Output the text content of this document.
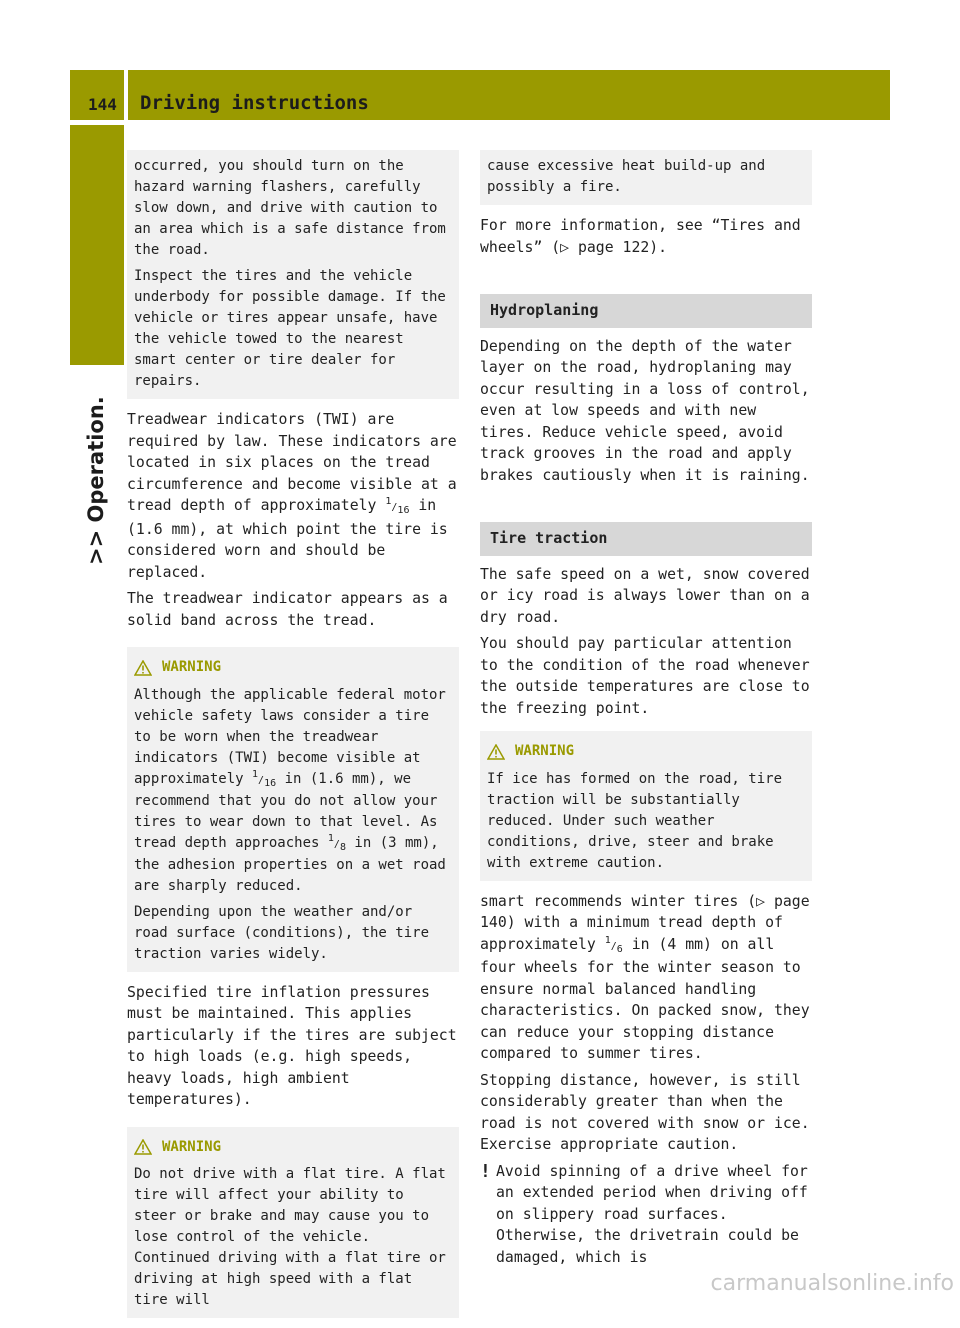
144	Driving instructions
>> Operation.

occurred, you should turn on the hazard warning flashers, carefully slow down, and drive with caution to an area which is a safe distance from the road.

Inspect the tires and the vehicle underbody for possible damage. If the vehicle or tires appear unsafe, have the vehicle towed to the nearest smart center or tire dealer for repairs.

Treadwear indicators (TWI) are required by law. These indicators are located in six places on the tread circumference and become visible at a tread depth of approximately 1/16 in (1.6 mm), at which point the tire is considered worn and should be replaced.

The treadwear indicator appears as a solid band across the tread.

WARNING

Although the applicable federal motor vehicle safety laws consider a tire to be worn when the treadwear indicators (TWI) become visible at approximately 1/16 in (1.6 mm), we recommend that you do not allow your tires to wear down to that level. As tread depth approaches 1/8 in (3 mm), the adhesion properties on a wet road are sharply reduced.

Depending upon the weather and/or road surface (conditions), the tire traction varies widely.

Specified tire inflation pressures must be maintained. This applies particularly if the tires are subject to high loads (e.g. high speeds, heavy loads, high ambient temperatures).

WARNING

Do not drive with a flat tire. A flat tire will affect your ability to steer or brake and may cause you to lose control of the vehicle. Continued driving with a flat tire or driving at high speed with a flat tire will

cause excessive heat build-up and possibly a fire.

For more information, see “Tires and wheels” (▷ page 122).

Hydroplaning

Depending on the depth of the water layer on the road, hydroplaning may occur resulting in a loss of control, even at low speeds and with new tires. Reduce vehicle speed, avoid track grooves in the road and apply brakes cautiously when it is raining.

Tire traction

The safe speed on a wet, snow covered or icy road is always lower than on a dry road.

You should pay particular attention to the condition of the road whenever the outside temperatures are close to the freezing point.

WARNING

If ice has formed on the road, tire traction will be substantially reduced. Under such weather conditions, drive, steer and brake with extreme caution.

smart recommends winter tires (▷ page 140) with a minimum tread depth of approximately 1/6 in (4 mm) on all four wheels for the winter season to ensure normal balanced handling characteristics. On packed snow, they can reduce your stopping distance compared to summer tires.

Stopping distance, however, is still considerably greater than when the road is not covered with snow or ice. Exercise appropriate caution.

! Avoid spinning of a drive wheel for an extended period when driving off on slippery road surfaces. Otherwise, the drivetrain could be damaged, which is
carmanualsonline.info
